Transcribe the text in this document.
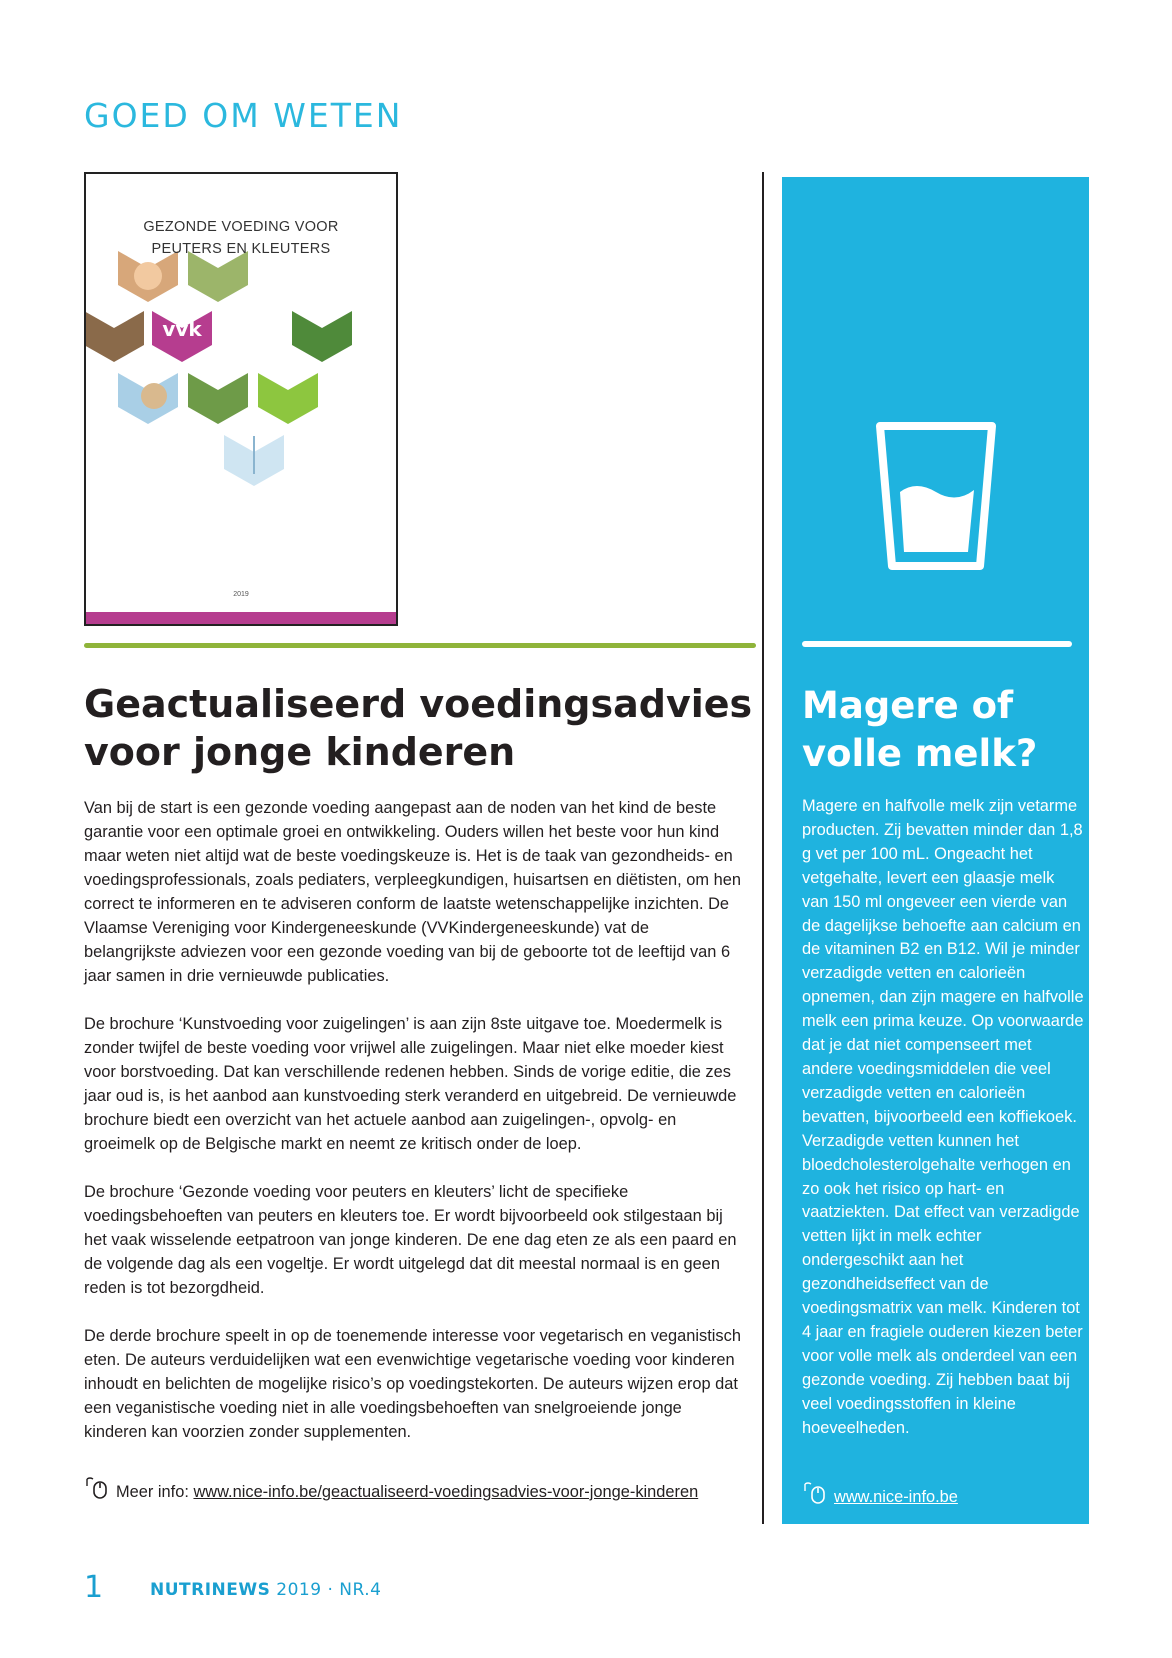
GOED OM WETEN
vvk
GEZONDE VOEDING VOOR
PEUTERS EN KLEUTERS
2019
Geactualiseerd voedingsadvies voor jonge kinderen

Van bij de start is een gezonde voeding aangepast aan de noden van het kind de beste garantie voor een optimale groei en ontwikkeling. Ouders willen het beste voor hun kind maar weten niet altijd wat de beste voedingskeuze is. Het is de taak van gezondheids- en voedingsprofessionals, zoals pediaters, verpleegkundigen, huisartsen en diëtisten, om hen correct te informeren en te adviseren conform de laatste wetenschappelijke inzichten. De Vlaamse Vereniging voor Kindergeneeskunde (VVKindergeneeskunde) vat de belangrijkste adviezen voor een gezonde voeding van bij de geboorte tot de leeftijd van 6 jaar samen in drie vernieuwde publicaties.

De brochure ‘Kunstvoeding voor zuigelingen’ is aan zijn 8ste uitgave toe. Moedermelk is zonder twijfel de beste voeding voor vrijwel alle zuigelingen. Maar niet elke moeder kiest voor borstvoeding. Dat kan verschillende redenen hebben. Sinds de vorige editie, die zes jaar oud is, is het aanbod aan kunstvoeding sterk veranderd en uitgebreid. De vernieuwde brochure biedt een overzicht van het actuele aanbod aan zuigelingen-, opvolg- en groeimelk op de Belgische markt en neemt ze kritisch onder de loep.

De brochure ‘Gezonde voeding voor peuters en kleuters’ licht de specifieke voedingsbehoeften van peuters en kleuters toe. Er wordt bijvoorbeeld ook stilgestaan bij het vaak wisselende eetpatroon van jonge kinderen. De ene dag eten ze als een paard en de volgende dag als een vogeltje. Er wordt uitgelegd dat dit meestal normaal is en geen reden is tot bezorgdheid.

De derde brochure speelt in op de toenemende interesse voor vegetarisch en veganistisch eten. De auteurs verduidelijken wat een evenwichtige vegetarische voeding voor kinderen inhoudt en belichten de mogelijke risico’s op voedingstekorten. De auteurs wijzen erop dat een veganistische voeding niet in alle voedingsbehoeften van snelgroeiende jonge kinderen kan voorzien zonder supplementen.

Meer info: www.nice-info.be/geactualiseerd-voedingsadvies-voor-jonge-kinderen
Magere of volle melk?
Magere en halfvolle melk zijn vetarme producten. Zij bevatten minder dan 1,8 g vet per 100 mL. Ongeacht het vetgehalte, levert een glaasje melk van 150 ml ongeveer een vierde van de dagelijkse behoefte aan calcium en de vitaminen B2 en B12. Wil je minder verzadigde vetten en calorieën opnemen, dan zijn magere en halfvolle melk een prima keuze. Op voorwaarde dat je dat niet compenseert met andere voedingsmiddelen die veel verzadigde vetten en calorieën bevatten, bijvoorbeeld een koffiekoek. Verzadigde vetten kunnen het bloedcholesterolgehalte verhogen en zo ook het risico op hart- en vaatziekten. Dat effect van verzadigde vetten lijkt in melk echter ondergeschikt aan het gezondheidseffect van de voedingsmatrix van melk. Kinderen tot 4 jaar en fragiele ouderen kiezen beter voor volle melk als onderdeel van een gezonde voeding. Zij hebben baat bij veel voedingsstoffen in kleine hoeveelheden.
www.nice-info.be
1	NUTRINEWS 2019 · NR.4
